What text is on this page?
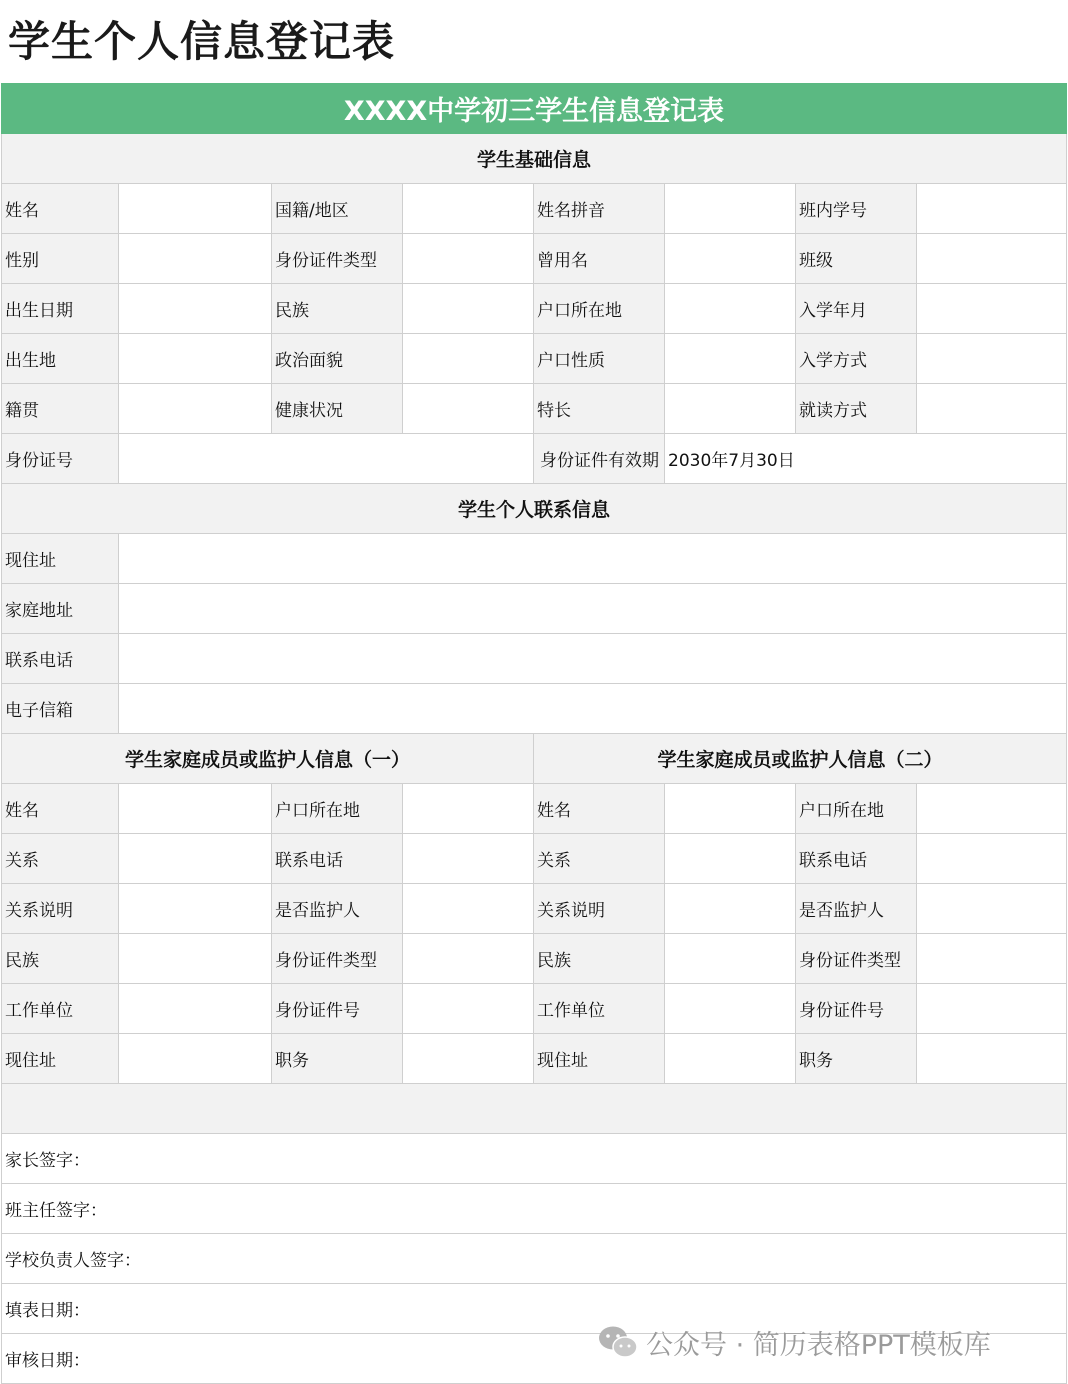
学生个人信息登记表
XXXX中学初三学生信息登记表							
学生基础信息							
姓名		国籍/地区		姓名拼音		班内学号	
性别		身份证件类型		曾用名		班级	
出生日期		民族		户口所在地		入学年月	
出生地		政治面貌		户口性质		入学方式	
籍贯		健康状况		特长		就读方式	
身份证号				身份证件有效期	2030年7月30日		
学生个人联系信息							
现住址							
家庭地址							
联系电话							
电子信箱							
学生家庭成员或监护人信息（一）				学生家庭成员或监护人信息（二）			
姓名		户口所在地		姓名		户口所在地	
关系		联系电话		关系		联系电话	
关系说明		是否监护人		关系说明		是否监护人	
民族		身份证件类型		民族		身份证件类型	
工作单位		身份证件号		工作单位		身份证件号	
现住址		职务		现住址		职务	

家长签字：							
班主任签字：							
学校负责人签字：							
填表日期：							
审核日期：							
公众号 · 简历表格PPT模板库
